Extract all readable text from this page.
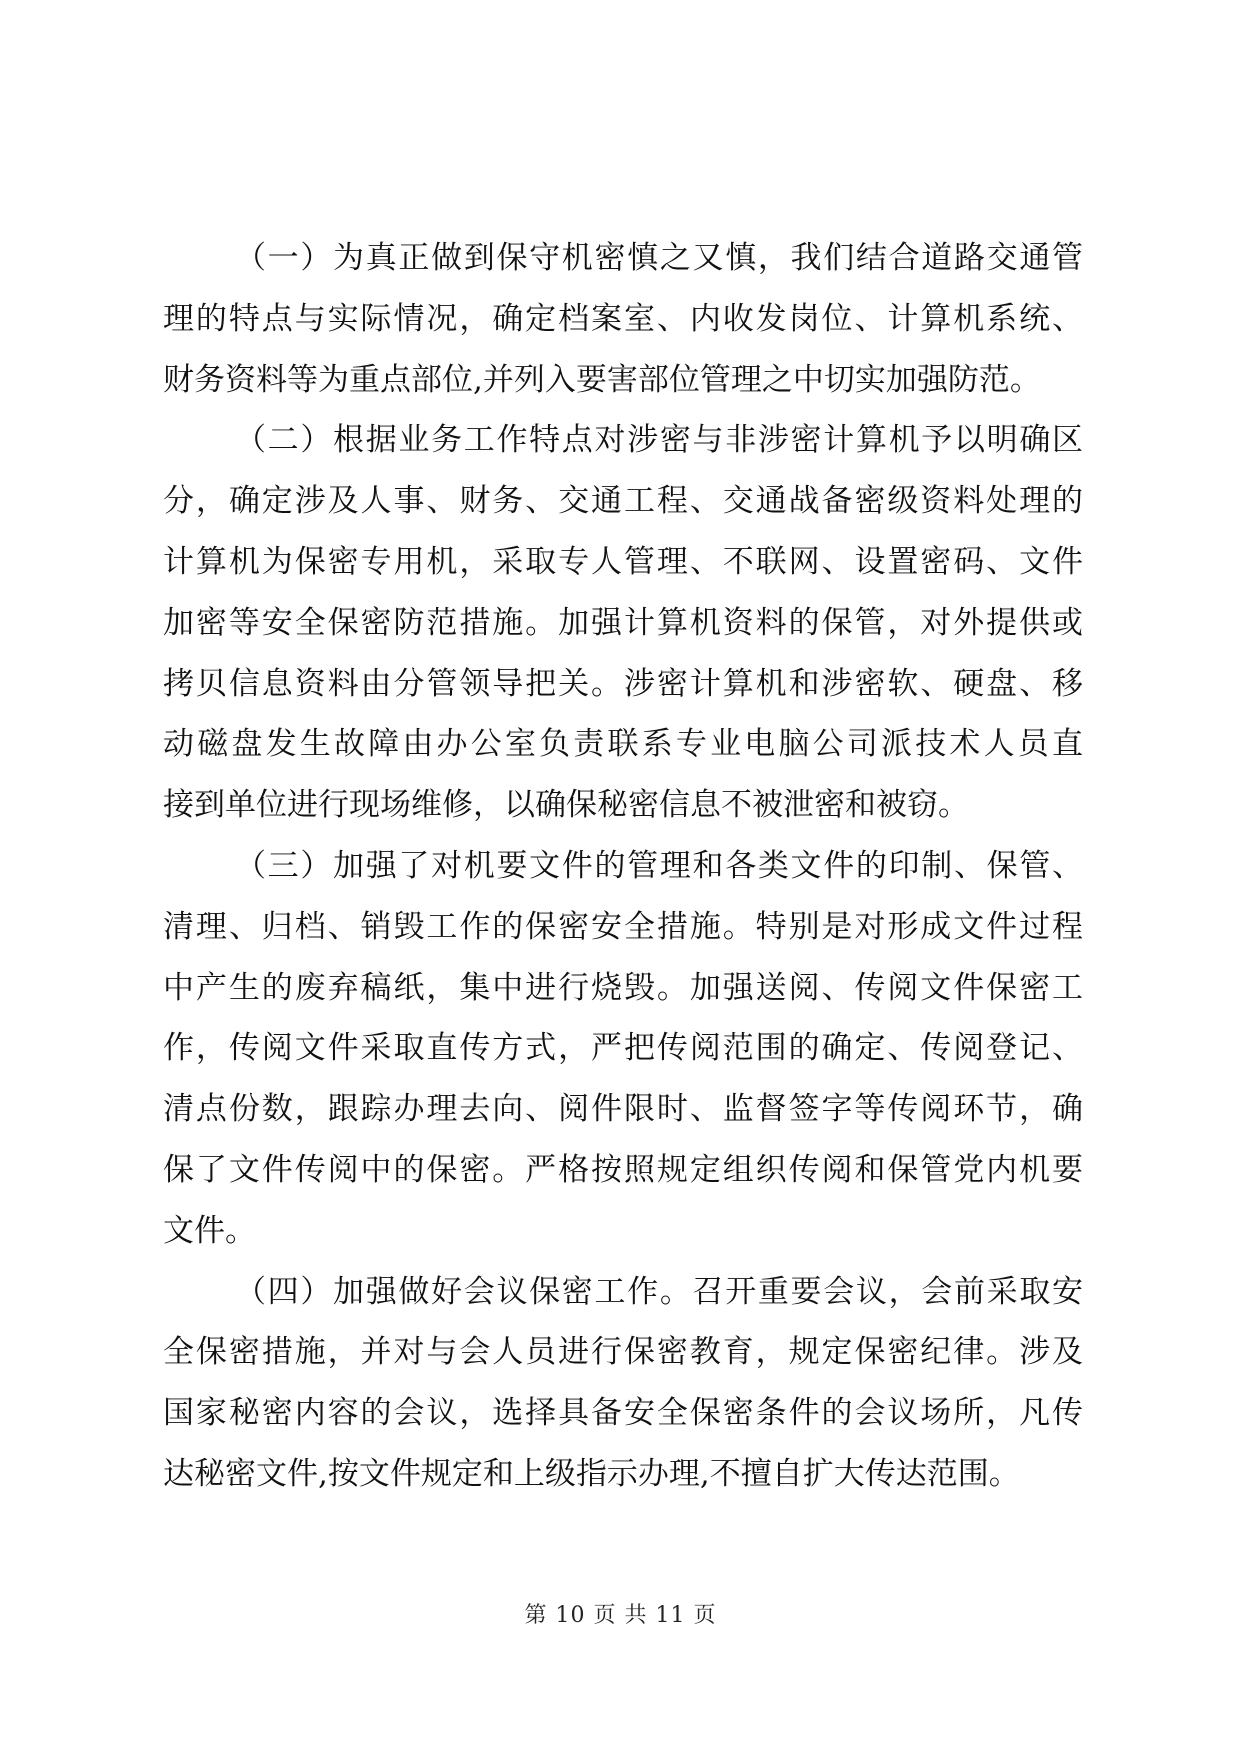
（一）为真正做到保守机密慎之又慎，我们结合道路交通管
理的特点与实际情况，确定档案室、内收发岗位、计算机系统、
财务资料等为重点部位,并列入要害部位管理之中切实加强防范。
（二）根据业务工作特点对涉密与非涉密计算机予以明确区
分，确定涉及人事、财务、交通工程、交通战备密级资料处理的
计算机为保密专用机，采取专人管理、不联网、设置密码、文件
加密等安全保密防范措施。加强计算机资料的保管，对外提供或
拷贝信息资料由分管领导把关。涉密计算机和涉密软、硬盘、移
动磁盘发生故障由办公室负责联系专业电脑公司派技术人员直
接到单位进行现场维修，以确保秘密信息不被泄密和被窃。
（三）加强了对机要文件的管理和各类文件的印制、保管、
清理、归档、销毁工作的保密安全措施。特别是对形成文件过程
中产生的废弃稿纸，集中进行烧毁。加强送阅、传阅文件保密工
作，传阅文件采取直传方式，严把传阅范围的确定、传阅登记、
清点份数，跟踪办理去向、阅件限时、监督签字等传阅环节，确
保了文件传阅中的保密。严格按照规定组织传阅和保管党内机要
文件。
（四）加强做好会议保密工作。召开重要会议，会前采取安
全保密措施，并对与会人员进行保密教育，规定保密纪律。涉及
国家秘密内容的会议，选择具备安全保密条件的会议场所，凡传
达秘密文件,按文件规定和上级指示办理,不擅自扩大传达范围。
第 10 页 共 11 页
